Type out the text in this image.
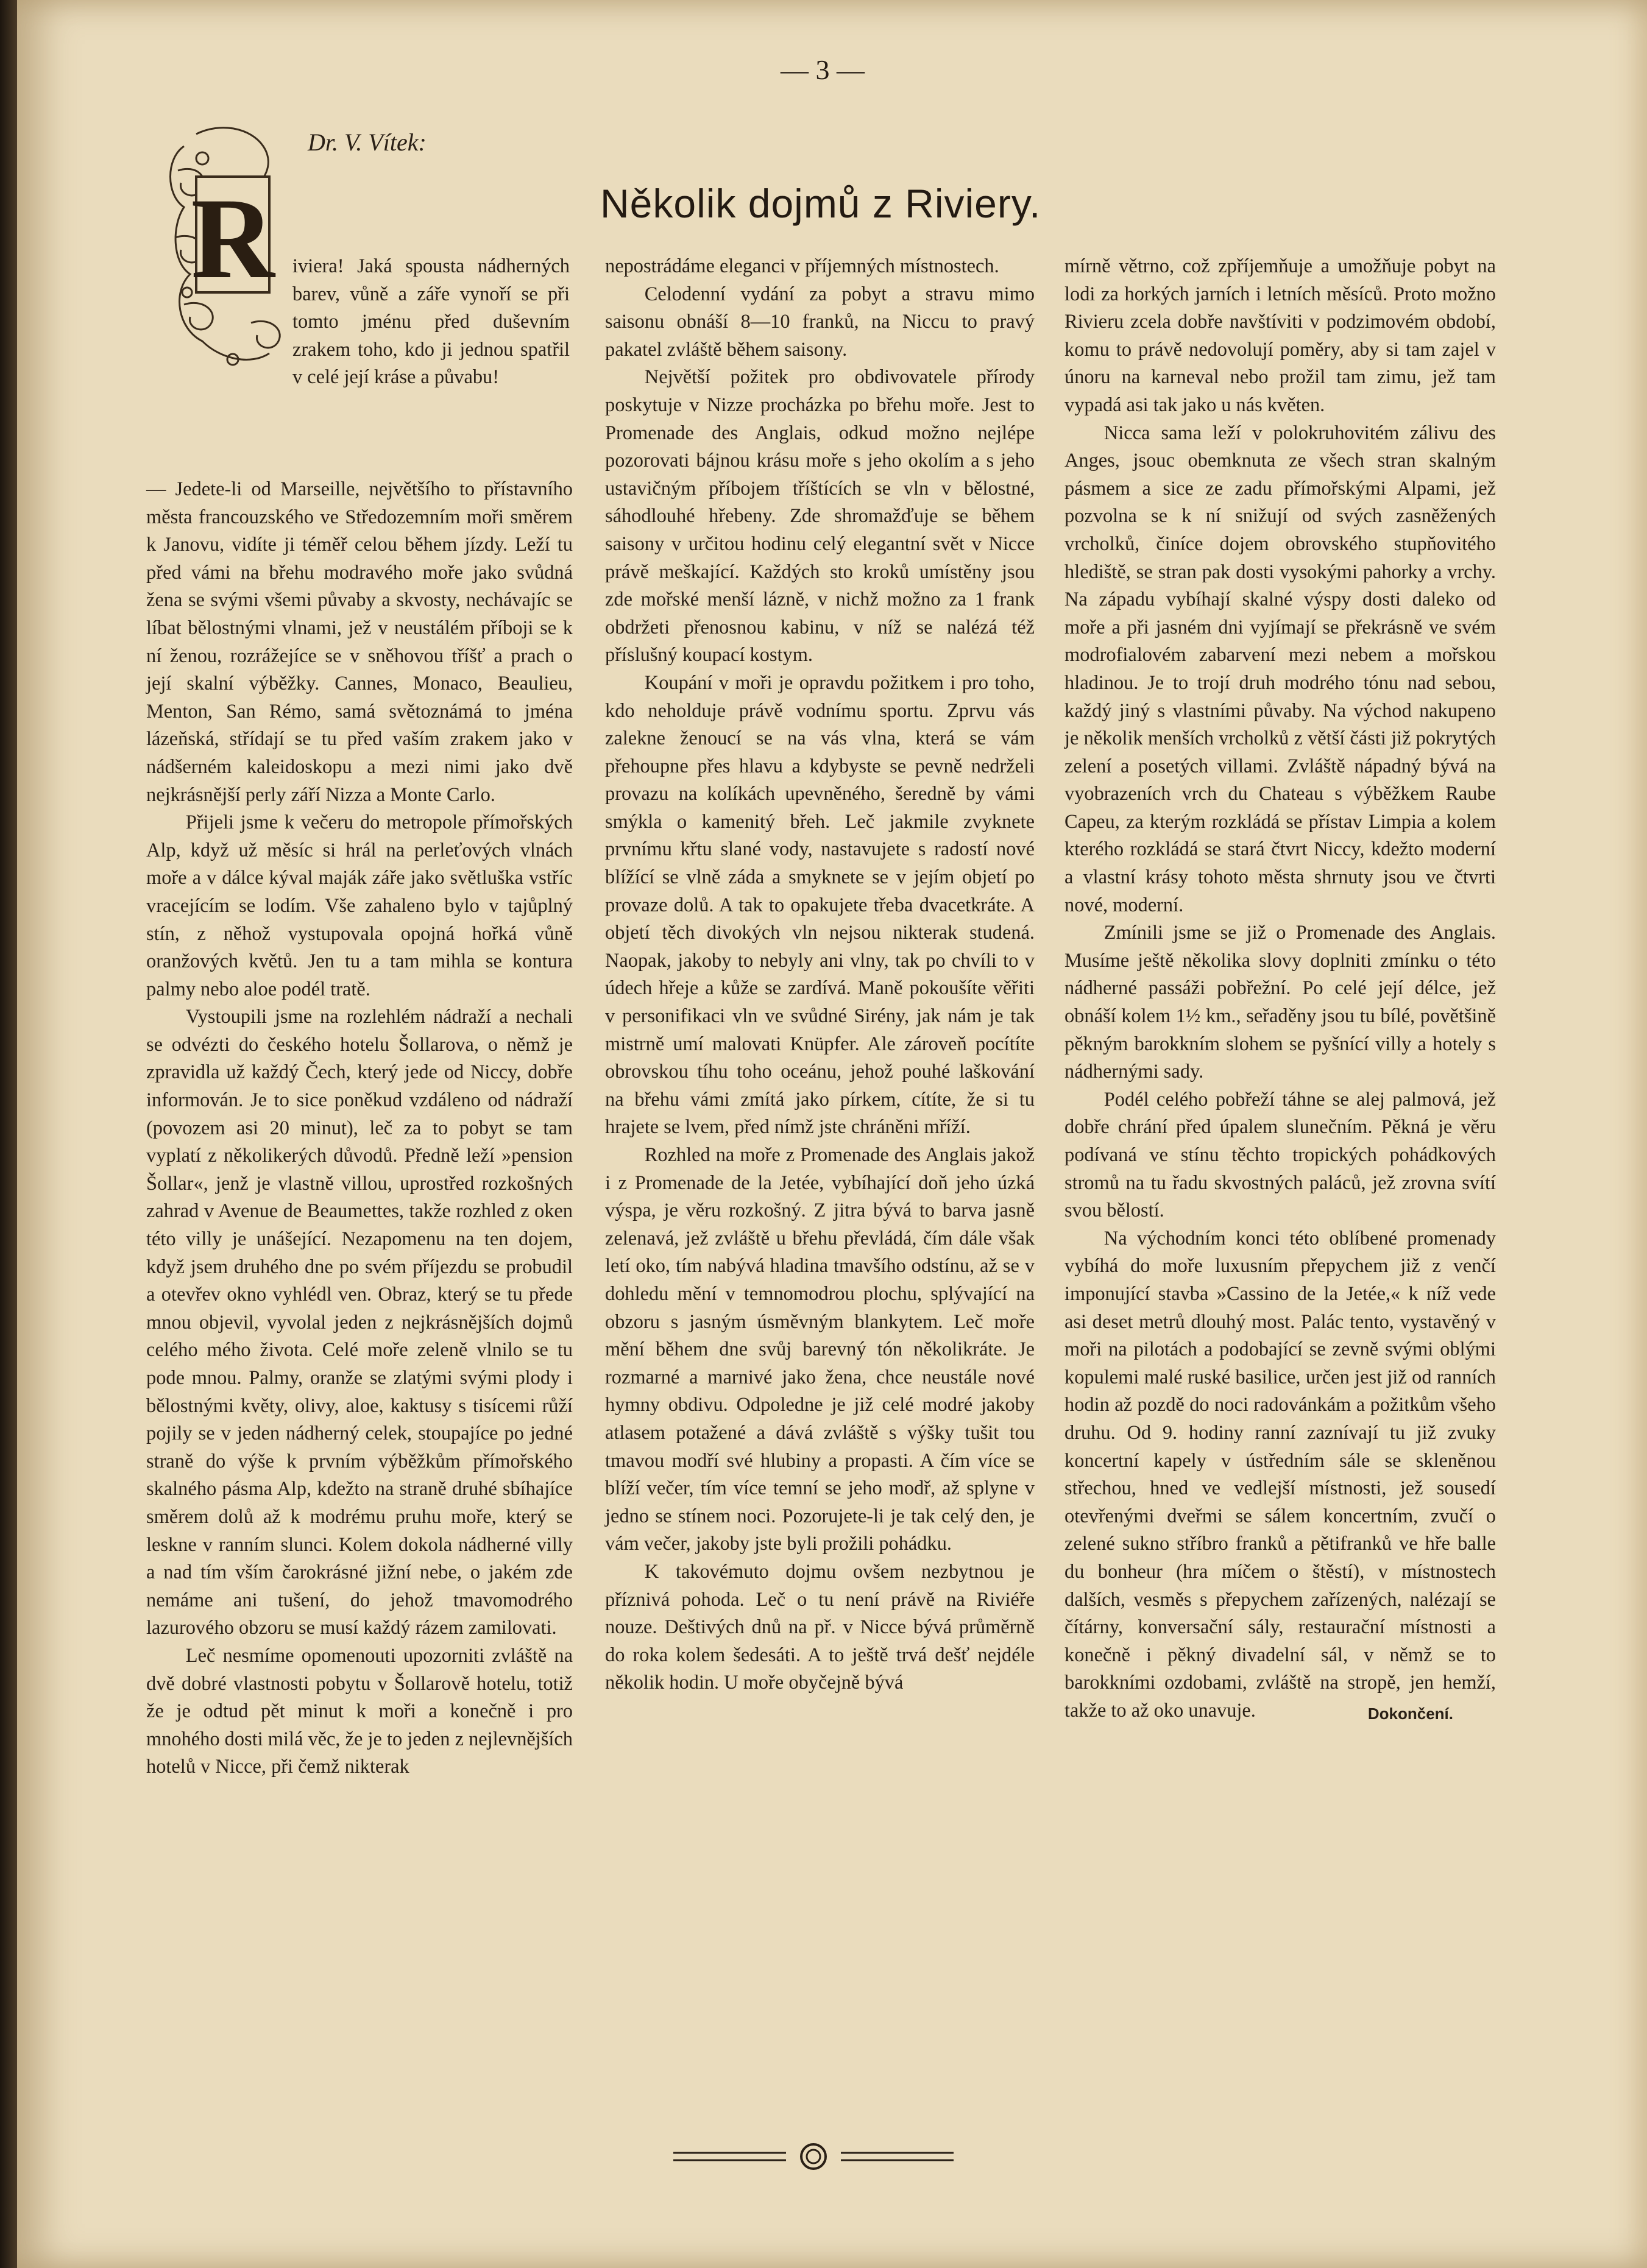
— 3 —
Dr. V. Vítek:
Několik dojmů z Riviery.
R iviera! Jaká spousta nádherných barev, vůně a záře vynoří se při tomto jménu před duševním zrakem toho, kdo ji jednou spatřil v celé její kráse a půvabu!

— Jedete-li od Marseille, největšího to přístavního města francouzského ve Středozemním moři směrem k Janovu, vidíte ji téměř celou během jízdy. Leží tu před vámi na břehu modravého moře jako svůdná žena se svými všemi půvaby a skvosty, nechávajíc se líbat bělostnými vlnami, jež v neustálém příboji se k ní ženou, rozrážejíce se v sněhovou tříšť a prach o její skalní výběžky. Cannes, Monaco, Beaulieu, Menton, San Rémo, samá světoznámá to jména lázeňská, střídají se tu před vaším zrakem jako v nádšerném kaleidoskopu a mezi nimi jako dvě nejkrásnější perly září Nizza a Monte Carlo.

Přijeli jsme k večeru do metropole přímořských Alp, když už měsíc si hrál na perleťových vlnách moře a v dálce kýval maják záře jako světluška vstříc vracejícím se lodím. Vše zahaleno bylo v tajůplný stín, z něhož vystupovala opojná hořká vůně oranžových květů. Jen tu a tam mihla se kontura palmy nebo aloe podél tratě.

Vystoupili jsme na rozlehlém nádraží a nechali se odvézti do českého hotelu Šollarova, o němž je zpravidla už každý Čech, který jede od Niccy, dobře informován. Je to sice poněkud vzdáleno od nádraží (povozem asi 20 minut), leč za to pobyt se tam vyplatí z několikerých důvodů. Předně leží »pension Šollar«, jenž je vlastně villou, uprostřed rozkošných zahrad v Avenue de Beaumettes, takže rozhled z oken této villy je unášející. Nezapomenu na ten dojem, když jsem druhého dne po svém příjezdu se probudil a otevřev okno vyhlédl ven. Obraz, který se tu přede mnou objevil, vyvolal jeden z nejkrásnějších dojmů celého mého života. Celé moře zeleně vlnilo se tu pode mnou. Palmy, oranže se zlatými svými plody i bělostnými květy, olivy, aloe, kaktusy s tisícemi růží pojily se v jeden nádherný celek, stoupajíce po jedné straně do výše k prvním výběžkům přímořského skalného pásma Alp, kdežto na straně druhé sbíhajíce směrem dolů až k modrému pruhu moře, který se leskne v ranním slunci. Kolem dokola nádherné villy a nad tím vším čarokrásné jižní nebe, o jakém zde nemáme ani tušení, do jehož tmavomodrého lazurového obzoru se musí každý rázem zamilovati.

Leč nesmíme opomenouti upozorniti zvláště na dvě dobré vlastnosti pobytu v Šollarově hotelu, totiž že je odtud pět minut k moři a konečně i pro mnohého dosti milá věc, že je to jeden z nejlevnějších hotelů v Nicce, při čemž nikterak

nepostrádáme eleganci v příjemných místnostech.

Celodenní vydání za pobyt a stravu mimo saisonu obnáší 8—10 franků, na Niccu to pravý pakatel zvláště během saisony.

Největší požitek pro obdivovatele přírody poskytuje v Nizze procházka po břehu moře. Jest to Promenade des Anglais, odkud možno nejlépe pozorovati bájnou krásu moře s jeho okolím a s jeho ustavičným příbojem tříštících se vln v bělostné, sáhodlouhé hřebeny. Zde shromažďuje se během saisony v určitou hodinu celý elegantní svět v Nicce právě meškající. Každých sto kroků umístěny jsou zde mořské menší lázně, v nichž možno za 1 frank obdržeti přenosnou kabinu, v níž se nalézá též příslušný koupací kostym.

Koupání v moři je opravdu požitkem i pro toho, kdo neholduje právě vodnímu sportu. Zprvu vás zalekne ženoucí se na vás vlna, která se vám přehoupne přes hlavu a kdybyste se pevně nedrželi provazu na kolíkách upevněného, šeredně by vámi smýkla o kamenitý břeh. Leč jakmile zvyknete prvnímu křtu slané vody, nastavujete s radostí nové blížící se vlně záda a smyknete se v jejím objetí po provaze dolů. A tak to opakujete třeba dvacetkráte. A objetí těch divokých vln nejsou nikterak studená. Naopak, jakoby to nebyly ani vlny, tak po chvíli to v údech hřeje a kůže se zardívá. Maně pokoušíte věřiti v personifikaci vln ve svůdné Sirény, jak nám je tak mistrně umí malovati Knüpfer. Ale zároveň pocítíte obrovskou tíhu toho oceánu, jehož pouhé laškování na břehu vámi zmítá jako pírkem, cítíte, že si tu hrajete se lvem, před nímž jste chráněni mříží.

Rozhled na moře z Promenade des Anglais jakož i z Promenade de la Jetée, vybíhající doň jeho úzká výspa, je věru rozkošný. Z jitra bývá to barva jasně zelenavá, jež zvláště u břehu převládá, čím dále však letí oko, tím nabývá hladina tmavšího odstínu, až se v dohledu mění v temnomodrou plochu, splývající na obzoru s jasným úsměvným blankytem. Leč moře mění během dne svůj barevný tón několikráte. Je rozmarné a marnivé jako žena, chce neustále nové hymny obdivu. Odpoledne je již celé modré jakoby atlasem potažené a dává zvláště s výšky tušit tou tmavou modří své hlubiny a propasti. A čím více se blíží večer, tím více temní se jeho modř, až splyne v jedno se stínem noci. Pozorujete-li je tak celý den, je vám večer, jakoby jste byli prožili pohádku.

K takovémuto dojmu ovšem nezbytnou je příznivá pohoda. Leč o tu není právě na Riviéře nouze. Deštivých dnů na př. v Nicce bývá průměrně do roka kolem šedesáti. A to ještě trvá dešť nejdéle několik hodin. U moře obyčejně bývá

mírně větrno, což zpříjemňuje a umožňuje pobyt na lodi za horkých jarních i letních měsíců. Proto možno Rivieru zcela dobře navštíviti v podzimovém období, komu to právě nedovolují poměry, aby si tam zajel v únoru na karneval nebo prožil tam zimu, jež tam vypadá asi tak jako u nás květen.

Nicca sama leží v polokruhovitém zálivu des Anges, jsouc obemknuta ze všech stran skalným pásmem a sice ze zadu přímořskými Alpami, jež pozvolna se k ní snižují od svých zasněžených vrcholků, činíce dojem obrovského stupňovitého hlediště, se stran pak dosti vysokými pahorky a vrchy. Na západu vybíhají skalné výspy dosti daleko od moře a při jasném dni vyjímají se překrásně ve svém modrofialovém zabarvení mezi nebem a mořskou hladinou. Je to trojí druh modrého tónu nad sebou, každý jiný s vlastními půvaby. Na východ nakupeno je několik menších vrcholků z větší části již pokrytých zelení a posetých villami. Zvláště nápadný bývá na vyobrazeních vrch du Chateau s výběžkem Raube Capeu, za kterým rozkládá se přístav Limpia a kolem kterého rozkládá se stará čtvrt Niccy, kdežto moderní a vlastní krásy tohoto města shrnuty jsou ve čtvrti nové, moderní.

Zmínili jsme se již o Promenade des Anglais. Musíme ještě několika slovy doplniti zmínku o této nádherné passáži pobřežní. Po celé její délce, jež obnáší kolem 1½ km., seřaděny jsou tu bílé, povětšině pěkným barokkním slohem se pyšnící villy a hotely s nádhernými sady.

Podél celého pobřeží táhne se alej palmová, jež dobře chrání před úpalem slunečním. Pěkná je věru podívaná ve stínu těchto tropických pohádkových stromů na tu řadu skvostných paláců, jež zrovna svítí svou bělostí.

Na východním konci této oblíbené promenady vybíhá do moře luxusním přepychem již z venčí imponující stavba »Cassino de la Jetée,« k níž vede asi deset metrů dlouhý most. Palác tento, vystavěný v moři na pilotách a podobající se zevně svými oblými kopulemi malé ruské basilice, určen jest již od ranních hodin až pozdě do noci radovánkám a požitkům všeho druhu. Od 9. hodiny ranní zaznívají tu již zvuky koncertní kapely v ústředním sále se skleněnou střechou, hned ve vedlejší místnosti, jež sousedí otevřenými dveřmi se sálem koncertním, zvučí o zelené sukno stříbro franků a pětifranků ve hře balle du bonheur (hra míčem o štěstí), v místnostech dalších, vesměs s přepychem zařízených, nalézají se čítárny, konversační sály, restaurační místnosti a konečně i pěkný divadelní sál, v němž se to barokkními ozdobami, zvláště na stropě, jen hemží, takže to až oko unavuje.	Dokončení.
